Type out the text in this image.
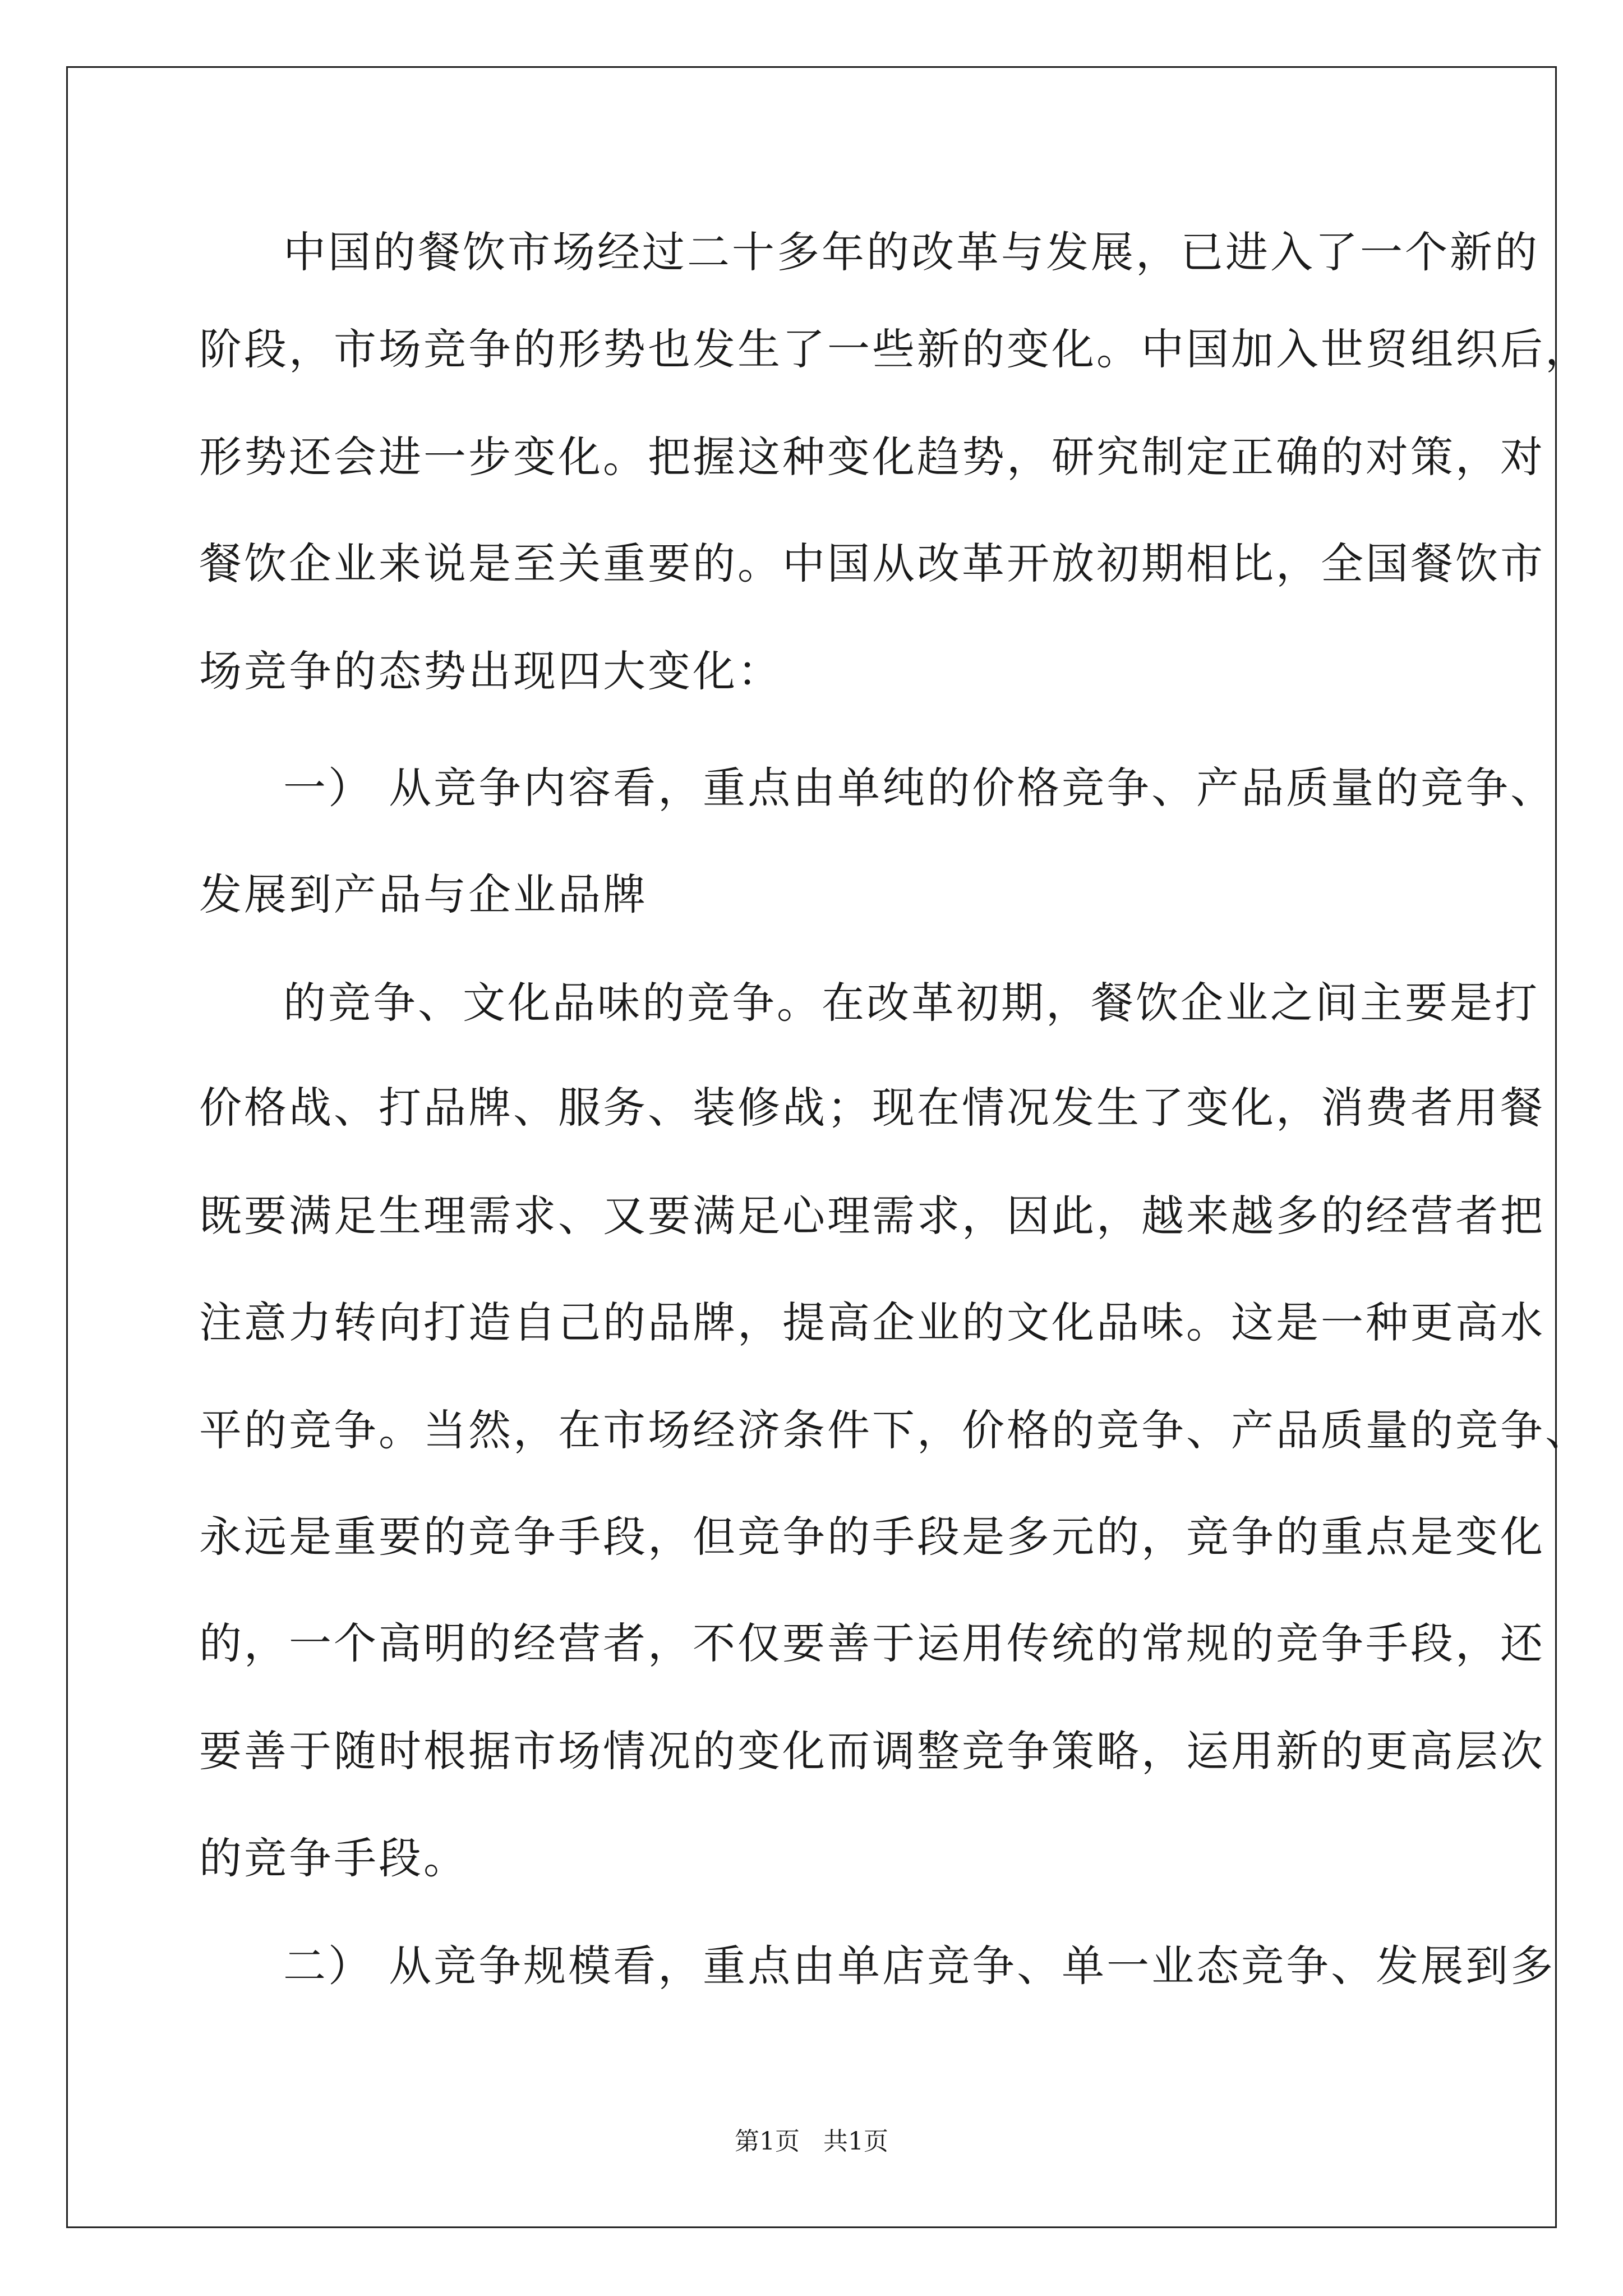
中国的餐饮市场经过二十多年的改革与发展，已进入了一个新的
阶段，市场竞争的形势也发生了一些新的变化。中国加入世贸组织后，
形势还会进一步变化。把握这种变化趋势，研究制定正确的对策，对
餐饮企业来说是至关重要的。中国从改革开放初期相比，全国餐饮市
场竞争的态势出现四大变化：
一） 从竞争内容看，重点由单纯的价格竞争、产品质量的竞争、
发展到产品与企业品牌
的竞争、文化品味的竞争。在改革初期，餐饮企业之间主要是打
价格战、打品牌、服务、装修战；现在情况发生了变化，消费者用餐
既要满足生理需求、又要满足心理需求，因此，越来越多的经营者把
注意力转向打造自己的品牌，提高企业的文化品味。这是一种更高水
平的竞争。当然，在市场经济条件下，价格的竞争、产品质量的竞争、
永远是重要的竞争手段，但竞争的手段是多元的，竞争的重点是变化
的，一个高明的经营者，不仅要善于运用传统的常规的竞争手段，还
要善于随时根据市场情况的变化而调整竞争策略，运用新的更高层次
的竞争手段。
二） 从竞争规模看，重点由单店竞争、单一业态竞争、发展到多
第1页   共1页
